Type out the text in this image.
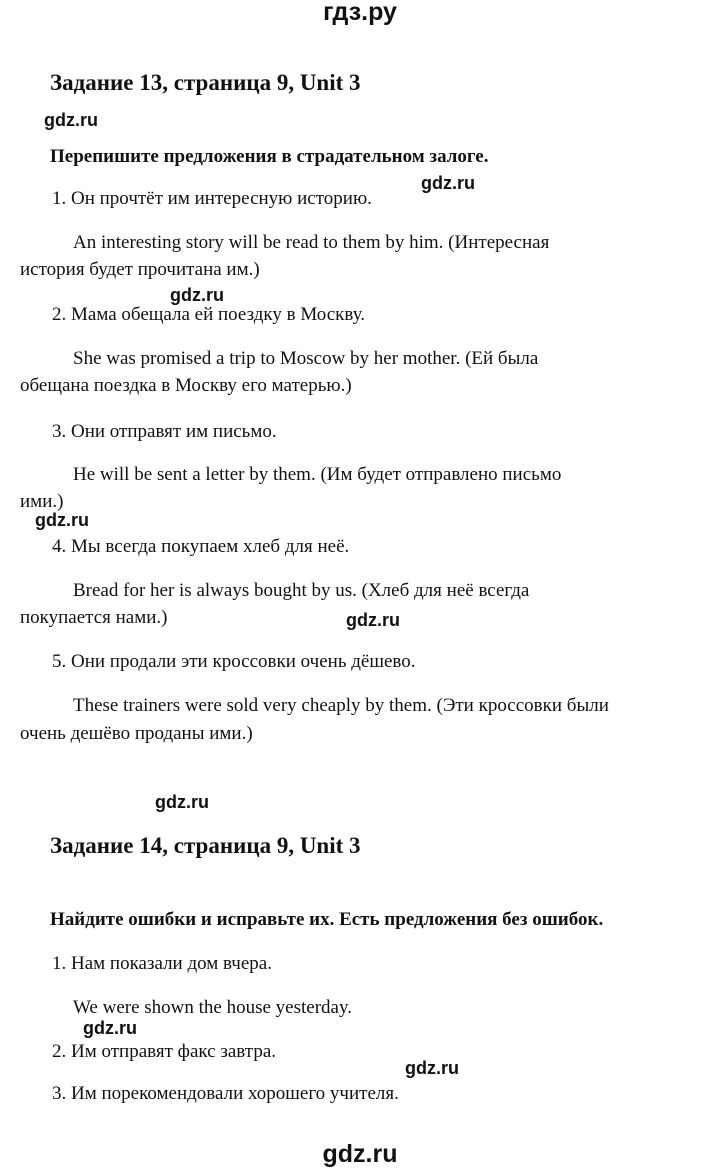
гдз.ру
Задание 13, страница 9, Unit 3
gdz.ru
Перепишите предложения в страдательном залоге.
gdz.ru
1. Он прочтёт им интересную историю.
An interesting story will be read to them by him. (Интересная
история будет прочитана им.)
gdz.ru
2. Мама обещала ей поездку в Москву.
She was promised a trip to Moscow by her mother. (Ей была
обещана поездка в Москву его матерью.)
3. Они отправят им письмо.
He will be sent a letter by them. (Им будет отправлено письмо
ими.)
gdz.ru
4. Мы всегда покупаем хлеб для неё.
Bread for her is always bought by us. (Хлеб для неё всегда
покупается нами.)	gdz.ru
5. Они продали эти кроссовки очень дёшево.
These trainers were sold very cheaply by them. (Эти кроссовки были
очень дешёво проданы ими.)
gdz.ru
Задание 14, страница 9, Unit 3
Найдите ошибки и исправьте их. Есть предложения без ошибок.
1. Нам показали дом вчера.
We were shown the house yesterday.
gdz.ru
2. Им отправят факс завтра.
gdz.ru
3. Им порекомендовали хорошего учителя.
gdz.ru
